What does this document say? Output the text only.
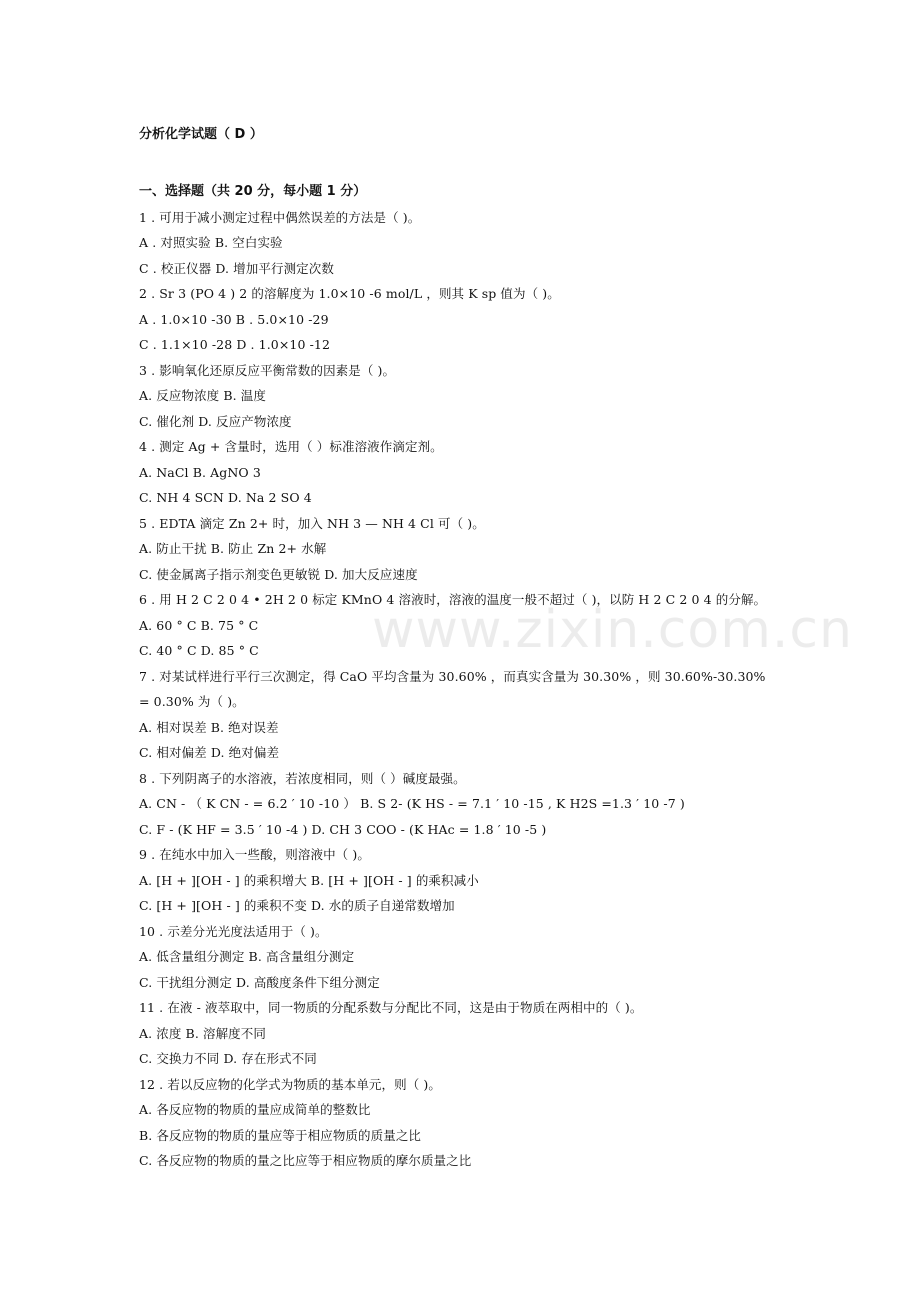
分析化学试题（ D ）
一、选择题（共 20 分，每小题 1 分）
1 . 可用于减小测定过程中偶然误差的方法是（ )。
A . 对照实验 B. 空白实验
C . 校正仪器 D. 增加平行测定次数
2 . Sr 3 (PO 4 ) 2 的溶解度为 1.0×10 -6 mol/L ，则其 K sp 值为（ )。
A . 1.0×10 -30 B . 5.0×10 -29
C . 1.1×10 -28 D . 1.0×10 -12
3 . 影响氧化还原反应平衡常数的因素是（ )。
A. 反应物浓度 B. 温度
C. 催化剂 D. 反应产物浓度
4 . 测定 Ag + 含量时，选用（ ）标准溶液作滴定剂。
A. NaCl B. AgNO 3
C. NH 4 SCN D. Na 2 SO 4
5 . EDTA 滴定 Zn 2+ 时，加入 NH 3 — NH 4 Cl 可（ )。
A. 防止干扰 B. 防止 Zn 2+ 水解
C. 使金属离子指示剂变色更敏锐 D. 加大反应速度
6 . 用 H 2 C 2 0 4 • 2H 2 0 标定 KMnO 4 溶液时，溶液的温度一般不超过（ )，以防 H 2 C 2 0 4 的分解。
A. 60 ° C B. 75 ° C
C. 40 ° C D. 85 ° C
7 . 对某试样进行平行三次测定，得 CaO 平均含量为 30.60% ，而真实含量为 30.30% ，则 30.60%-30.30%
= 0.30% 为（ )。
A. 相对误差 B. 绝对误差
C. 相对偏差 D. 绝对偏差
8 . 下列阴离子的水溶液，若浓度相同，则（ ）碱度最强。
A. CN - （ K CN - = 6.2 ′ 10 -10 ） B. S 2- (K HS - = 7.1 ′ 10 -15 , K H2S =1.3 ′ 10 -7 )
C. F - (K HF = 3.5 ′ 10 -4 ) D. CH 3 COO - (K HAc = 1.8 ′ 10 -5 )
9 . 在纯水中加入一些酸，则溶液中（ )。
A. [H + ][OH - ] 的乘积增大 B. [H + ][OH - ] 的乘积减小
C. [H + ][OH - ] 的乘积不变 D. 水的质子自递常数增加
10 . 示差分光光度法适用于（ )。
A. 低含量组分测定 B. 高含量组分测定
C. 干扰组分测定 D. 高酸度条件下组分测定
11 . 在液 - 液萃取中，同一物质的分配系数与分配比不同，这是由于物质在两相中的（ )。
A. 浓度 B. 溶解度不同
C. 交换力不同 D. 存在形式不同
12 . 若以反应物的化学式为物质的基本单元，则（ )。
A. 各反应物的物质的量应成简单的整数比
B. 各反应物的物质的量应等于相应物质的质量之比
C. 各反应物的物质的量之比应等于相应物质的摩尔质量之比
www.zixin.com.cn
